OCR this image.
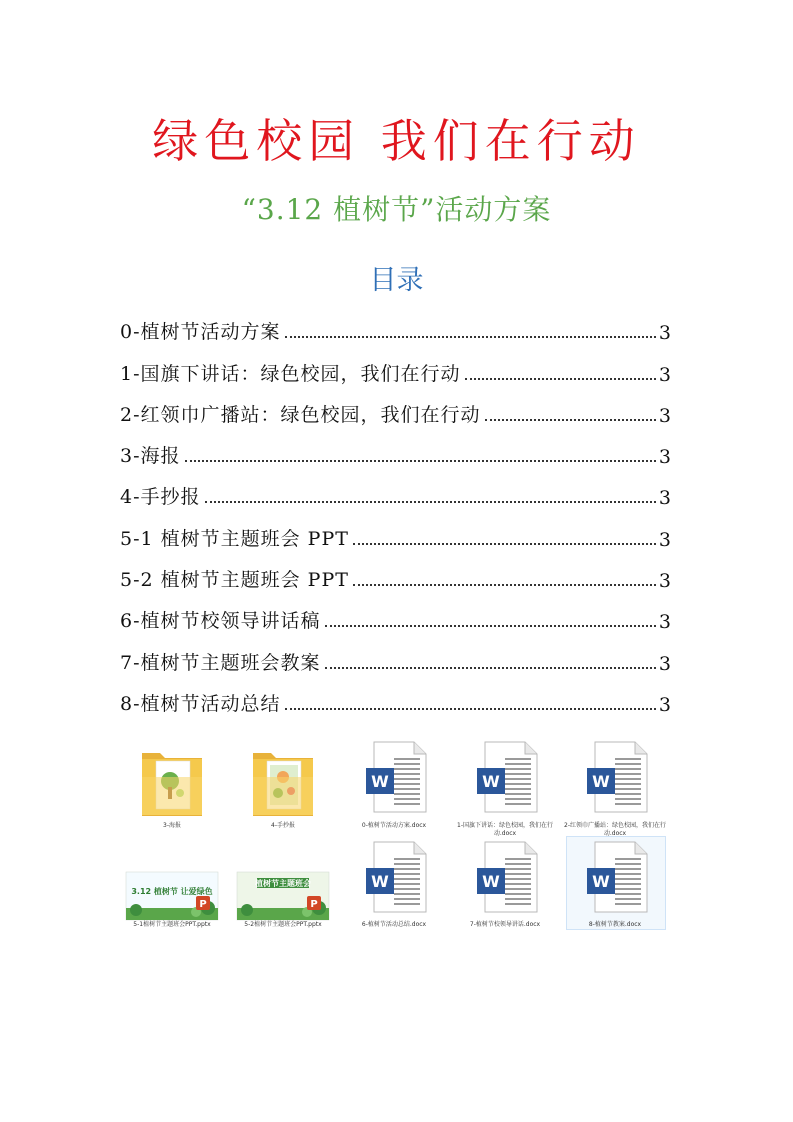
绿色校园 我们在行动
“3.12 植树节”活动方案
目录
0-植树节活动方案	3
1-国旗下讲话：绿色校园，我们在行动	3
2-红领巾广播站：绿色校园，我们在行动	3
3-海报	3
4-手抄报	3
5-1 植树节主题班会 PPT	3
5-2 植树节主题班会 PPT	3
6-植树节校领导讲话稿	3
7-植树节主题班会教案	3
8-植树节活动总结	3
W	W	W
3.12 植树节 让爱绿色
P
植树节主题班会
P
W	W	W
3-海报	4-手抄报	0-植树节活动方案.docx	1-国旗下讲话：绿色校园，我们在行动.docx
2-红领巾广播站：绿色校园，我们在行动.docx
5-1植树节主题班会PPT.pptx	5-2植树节主题班会PPT.pptx	6-植树节活动总结.docx	7-植树节校领导讲话.docx	8-植树节教案.docx
